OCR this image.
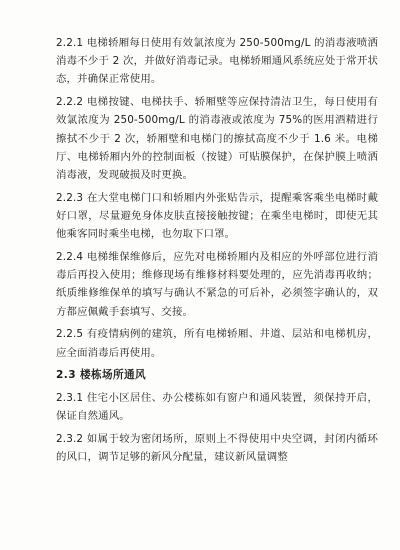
2.2.1 电梯轿厢每日使用有效氯浓度为 250-500mg/L 的消毒液喷洒消毒不少于 2 次，并做好消毒记录。电梯轿厢通风系统应处于常开状态，并确保正常使用。

2.2.2 电梯按键、电梯扶手、轿厢壁等应保持清洁卫生，每日使用有效氯浓度为 250-500mg/L 的消毒液或浓度为 75%的医用酒精进行擦拭不少于 2 次，轿厢壁和电梯门的擦拭高度不少于 1.6 米。电梯厅、电梯轿厢内外的控制面板（按键）可贴膜保护，在保护膜上喷洒消毒液，发现破损及时更换。

2.2.3 在大堂电梯门口和轿厢内外张贴告示，提醒乘客乘坐电梯时戴好口罩，尽量避免身体皮肤直接接触按键；在乘坐电梯时，即使无其他乘客同时乘坐电梯，也勿取下口罩。

2.2.4 电梯维保维修后，应先对电梯轿厢内及相应的外呼部位进行消毒后再投入使用；维修现场有维修材料要处理的，应先消毒再收纳；纸质维修维保单的填写与确认不紧急的可后补，必须签字确认的，双方都应佩戴手套填写、交接。

2.2.5 有疫情病例的建筑，所有电梯轿厢、井道、层站和电梯机房，应全面消毒后再使用。

2.3 楼栋场所通风

2.3.1 住宅小区居住、办公楼栋如有窗户和通风装置，须保持开启，保证自然通风。

2.3.2 如属于较为密闭场所，原则上不得使用中央空调，封闭内循环的风口，调节足够的新风分配量，建议新风量调整
